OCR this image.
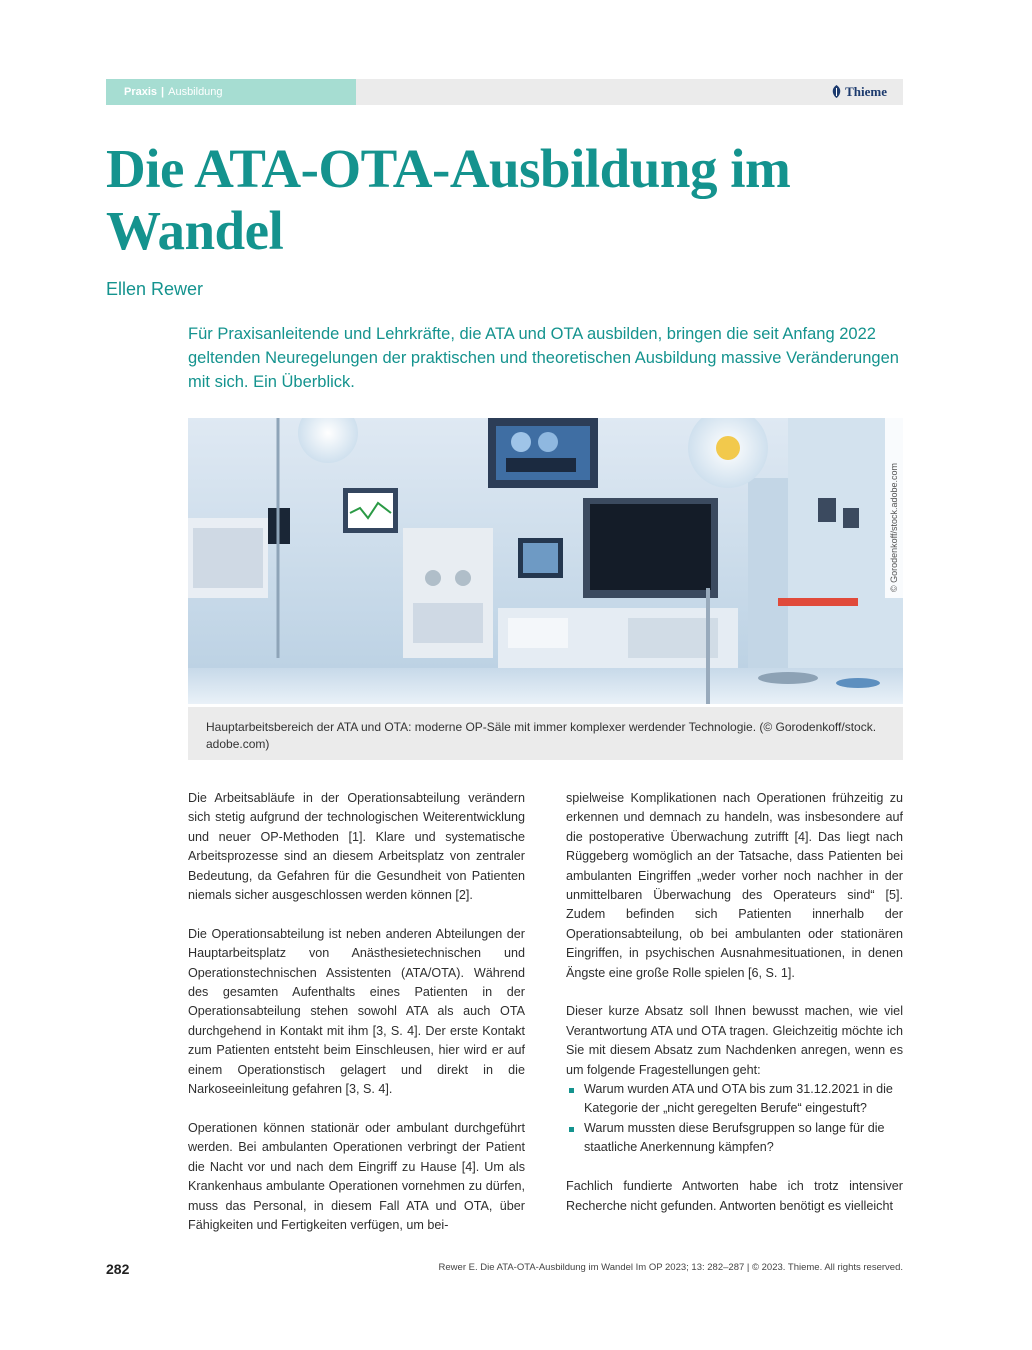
Praxis | Ausbildung	Thieme
Die ATA-OTA-Ausbildung im Wandel
Ellen Rewer

Für Praxisanleitende und Lehrkräfte, die ATA und OTA ausbilden, bringen die seit Anfang 2022 geltenden Neuregelungen der praktischen und theoretischen Ausbildung massive Veränderungen mit sich. Ein Überblick.

© Gorodenkoff/stock.adobe.com
Hauptarbeitsbereich der ATA und OTA: moderne OP-Säle mit immer komplexer werdender Technologie. (© Gorodenkoff/stock. adobe.com)

Die Arbeitsabläufe in der Operationsabteilung verändern sich stetig aufgrund der technologischen Weiterentwicklung und neuer OP-Methoden [1]. Klare und systematische Arbeitsprozesse sind an diesem Arbeitsplatz von zentraler Bedeutung, da Gefahren für die Gesundheit von Patienten niemals sicher ausgeschlossen werden können [2].

Die Operationsabteilung ist neben anderen Abteilungen der Hauptarbeitsplatz von Anästhesietechnischen und Operationstechnischen Assistenten (ATA/OTA). Während des gesamten Aufenthalts eines Patienten in der Operationsabteilung stehen sowohl ATA als auch OTA durchgehend in Kontakt mit ihm [3, S. 4]. Der erste Kontakt zum Patienten entsteht beim Einschleusen, hier wird er auf einem Operationstisch gelagert und direkt in die Narkoseeinleitung gefahren [3, S. 4].

Operationen können stationär oder ambulant durchgeführt werden. Bei ambulanten Operationen verbringt der Patient die Nacht vor und nach dem Eingriff zu Hause [4]. Um als Krankenhaus ambulante Operationen vornehmen zu dürfen, muss das Personal, in diesem Fall ATA und OTA, über Fähigkeiten und Fertigkeiten verfügen, um bei-

spielweise Komplikationen nach Operationen frühzeitig zu erkennen und demnach zu handeln, was insbesondere auf die postoperative Überwachung zutrifft [4]. Das liegt nach Rüggeberg womöglich an der Tatsache, dass Patienten bei ambulanten Eingriffen „weder vorher noch nachher in der unmittelbaren Überwachung des Operateurs sind“ [5]. Zudem befinden sich Patienten innerhalb der Operationsabteilung, ob bei ambulanten oder stationären Eingriffen, in psychischen Ausnahmesituationen, in denen Ängste eine große Rolle spielen [6, S. 1].

Dieser kurze Absatz soll Ihnen bewusst machen, wie viel Verantwortung ATA und OTA tragen. Gleichzeitig möchte ich Sie mit diesem Absatz zum Nachdenken anregen, wenn es um folgende Fragestellungen geht:

Warum wurden ATA und OTA bis zum 31.12.2021 in die Kategorie der „nicht geregelten Berufe“ eingestuft?
Warum mussten diese Berufsgruppen so lange für die staatliche Anerkennung kämpfen?

Fachlich fundierte Antworten habe ich trotz intensiver Recherche nicht gefunden. Antworten benötigt es vielleicht

282	Rewer E. Die ATA-OTA-Ausbildung im Wandel Im OP 2023; 13: 282–287 | © 2023. Thieme. All rights reserved.
